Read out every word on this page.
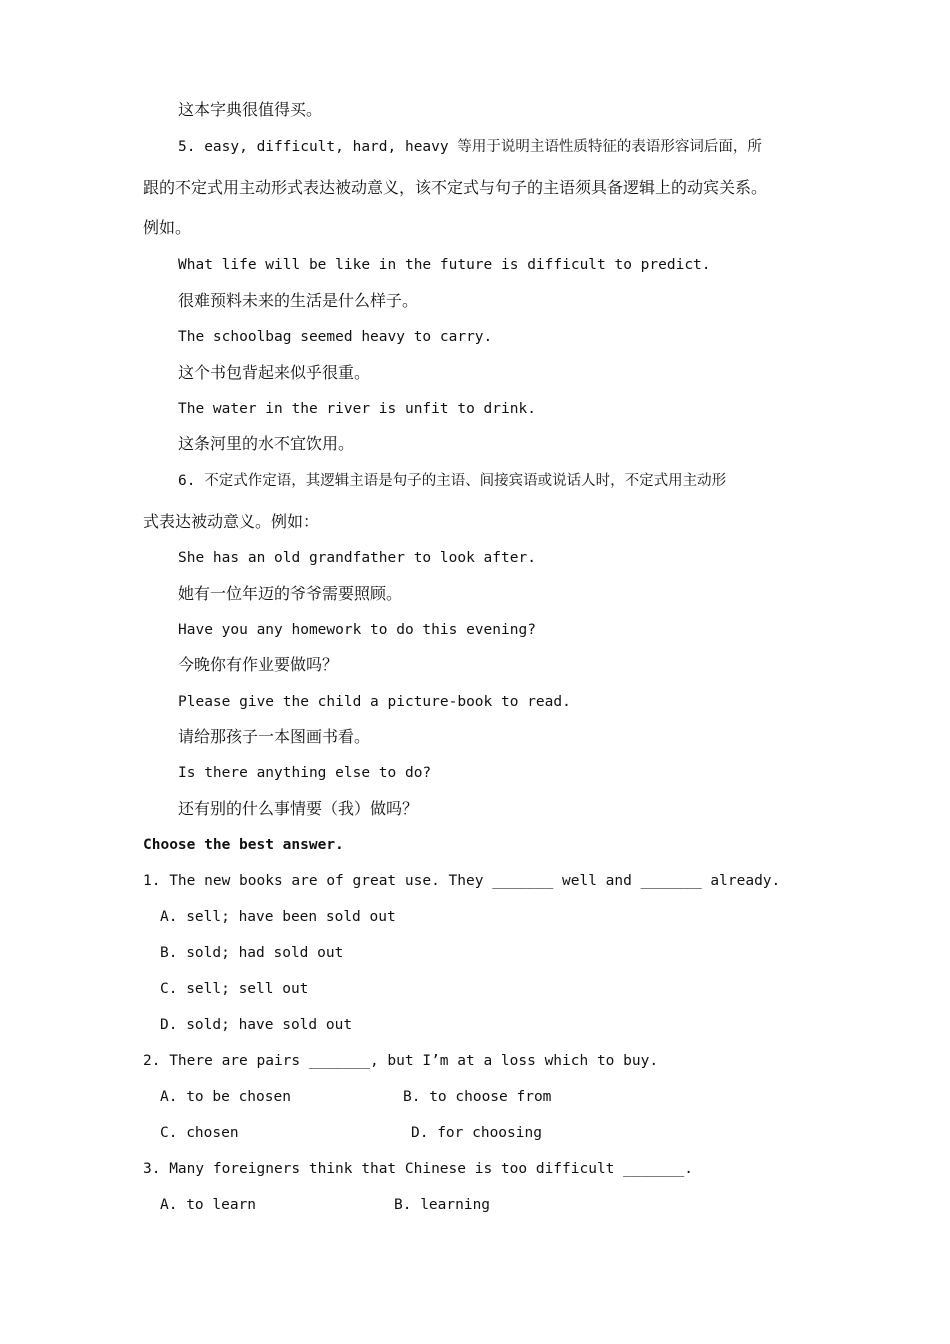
这本字典很值得买。
5. easy, difficult, hard, heavy 等用于说明主语性质特征的表语形容词后面，所
跟的不定式用主动形式表达被动意义，该不定式与句子的主语须具备逻辑上的动宾关系。
例如。
What life will be like in the future is difficult to predict.
很难预料未来的生活是什么样子。
The schoolbag seemed heavy to carry.
这个书包背起来似乎很重。
The water in the river is unfit to drink.
这条河里的水不宜饮用。
6. 不定式作定语，其逻辑主语是句子的主语、间接宾语或说话人时，不定式用主动形
式表达被动意义。例如：
She has an old grandfather to look after.
她有一位年迈的爷爷需要照顾。
Have you any homework to do this evening?
今晚你有作业要做吗？
Please give the child a picture-book to read.
请给那孩子一本图画书看。
Is there anything else to do?
还有别的什么事情要（我）做吗？
Choose the best answer.
1. The new books are of great use. They _______ well and _______ already.
A. sell; have been sold out
B. sold; had sold out
C. sell; sell out
D. sold; have sold out
2. There are pairs _______, but I’m at a loss which to buy.
A. to be chosen	B. to choose from
C. chosen	D. for choosing
3. Many foreigners think that Chinese is too difficult _______.
A. to learn	B. learning
